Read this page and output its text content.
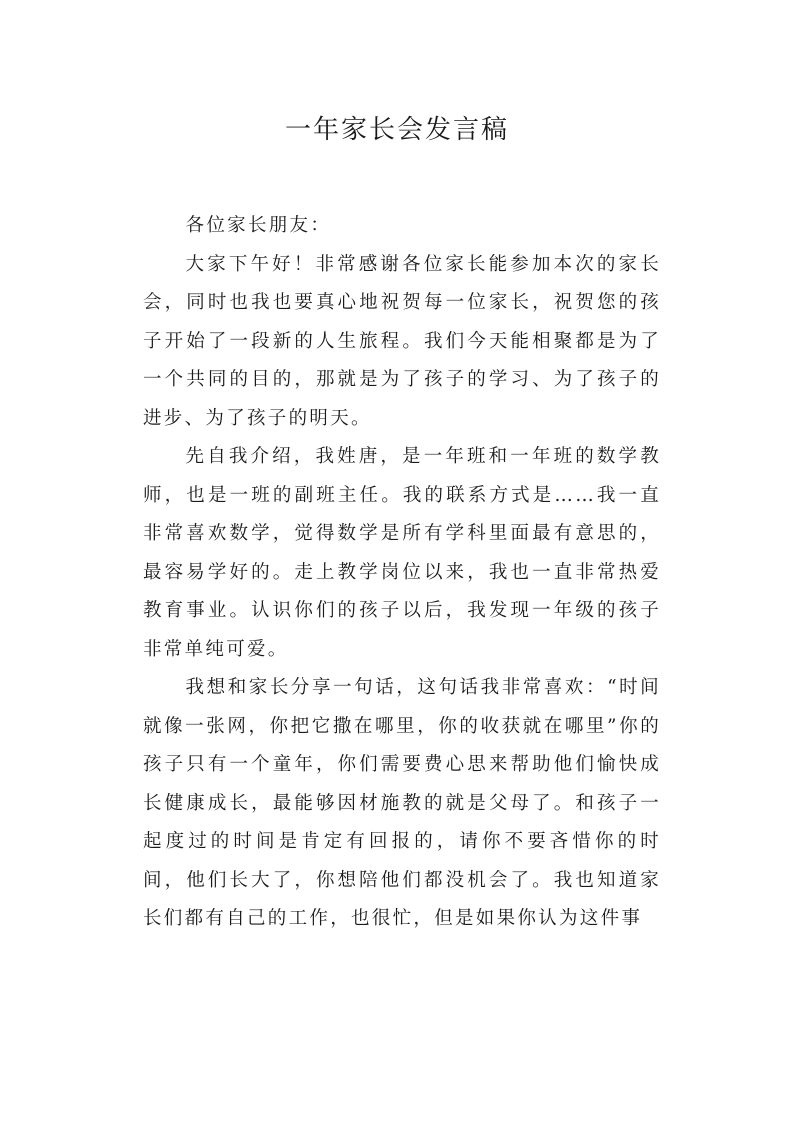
一年家长会发言稿

各位家长朋友：

大家下午好！非常感谢各位家长能参加本次的家长会，同时也我也要真心地祝贺每一位家长，祝贺您的孩子开始了一段新的人生旅程。我们今天能相聚都是为了一个共同的目的，那就是为了孩子的学习、为了孩子的进步、为了孩子的明天。

先自我介绍，我姓唐，是一年班和一年班的数学教师，也是一班的副班主任。我的联系方式是……我一直非常喜欢数学，觉得数学是所有学科里面最有意思的，最容易学好的。走上教学岗位以来，我也一直非常热爱教育事业。认识你们的孩子以后，我发现一年级的孩子非常单纯可爱。

我想和家长分享一句话，这句话我非常喜欢：“时间就像一张网，你把它撒在哪里，你的收获就在哪里”你的孩子只有一个童年，你们需要费心思来帮助他们愉快成长健康成长，最能够因材施教的就是父母了。和孩子一起度过的时间是肯定有回报的，请你不要吝惜你的时间，他们长大了，你想陪他们都没机会了。我也知道家长们都有自己的工作，也很忙，但是如果你认为这件事
